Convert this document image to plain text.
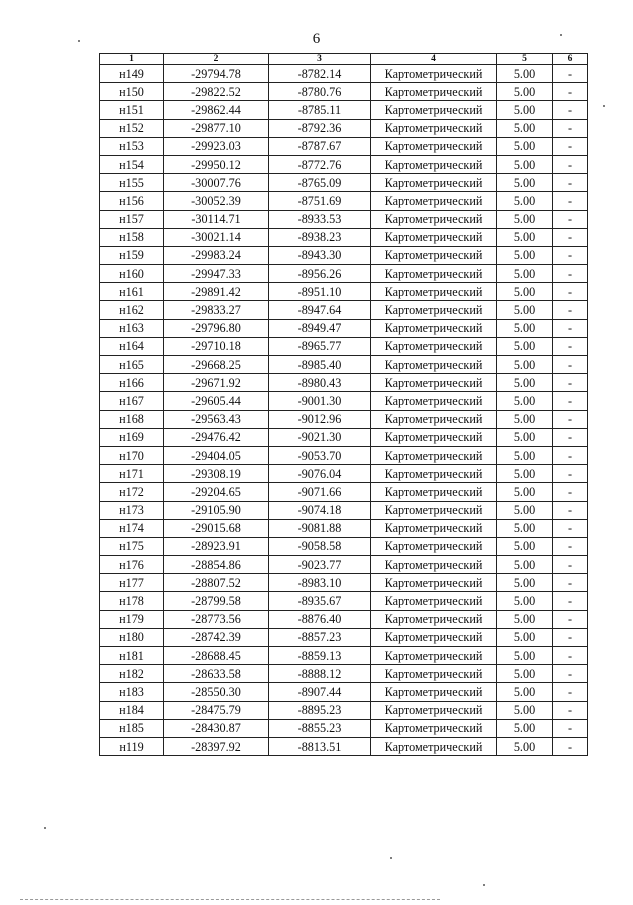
6
1	2	3	4	5	6
н149	-29794.78	-8782.14	Картометрический	5.00	-
н150	-29822.52	-8780.76	Картометрический	5.00	-
н151	-29862.44	-8785.11	Картометрический	5.00	-
н152	-29877.10	-8792.36	Картометрический	5.00	-
н153	-29923.03	-8787.67	Картометрический	5.00	-
н154	-29950.12	-8772.76	Картометрический	5.00	-
н155	-30007.76	-8765.09	Картометрический	5.00	-
н156	-30052.39	-8751.69	Картометрический	5.00	-
н157	-30114.71	-8933.53	Картометрический	5.00	-
н158	-30021.14	-8938.23	Картометрический	5.00	-
н159	-29983.24	-8943.30	Картометрический	5.00	-
н160	-29947.33	-8956.26	Картометрический	5.00	-
н161	-29891.42	-8951.10	Картометрический	5.00	-
н162	-29833.27	-8947.64	Картометрический	5.00	-
н163	-29796.80	-8949.47	Картометрический	5.00	-
н164	-29710.18	-8965.77	Картометрический	5.00	-
н165	-29668.25	-8985.40	Картометрический	5.00	-
н166	-29671.92	-8980.43	Картометрический	5.00	-
н167	-29605.44	-9001.30	Картометрический	5.00	-
н168	-29563.43	-9012.96	Картометрический	5.00	-
н169	-29476.42	-9021.30	Картометрический	5.00	-
н170	-29404.05	-9053.70	Картометрический	5.00	-
н171	-29308.19	-9076.04	Картометрический	5.00	-
н172	-29204.65	-9071.66	Картометрический	5.00	-
н173	-29105.90	-9074.18	Картометрический	5.00	-
н174	-29015.68	-9081.88	Картометрический	5.00	-
н175	-28923.91	-9058.58	Картометрический	5.00	-
н176	-28854.86	-9023.77	Картометрический	5.00	-
н177	-28807.52	-8983.10	Картометрический	5.00	-
н178	-28799.58	-8935.67	Картометрический	5.00	-
н179	-28773.56	-8876.40	Картометрический	5.00	-
н180	-28742.39	-8857.23	Картометрический	5.00	-
н181	-28688.45	-8859.13	Картометрический	5.00	-
н182	-28633.58	-8888.12	Картометрический	5.00	-
н183	-28550.30	-8907.44	Картометрический	5.00	-
н184	-28475.79	-8895.23	Картометрический	5.00	-
н185	-28430.87	-8855.23	Картометрический	5.00	-
н119	-28397.92	-8813.51	Картометрический	5.00	-
